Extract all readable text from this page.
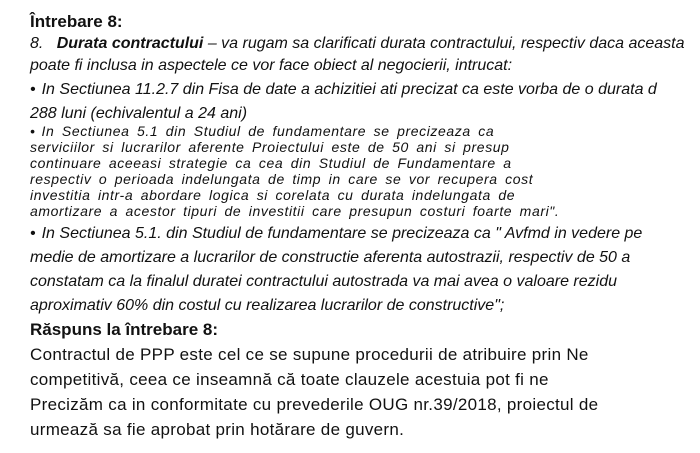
Întrebare 8:
8. Durata contractului – va rugam sa clarificati durata contractului, respectiv daca aceasta
poate fi inclusa in aspectele ce vor face obiect al negocierii, intrucat:
• In Sectiunea 11.2.7 din Fisa de date a achizitiei ati precizat ca este vorba de o durata d
288 luni (echivalentul a 24 ani)
• In Sectiunea 5.1 din Studiul de fundamentare se precizeaza ca
serviciilor si lucrarilor aferente Proiectului este de 50 ani si presup
continuare aceeasi strategie ca cea din Studiul de Fundamentare a
respectiv o perioada indelungata de timp in care se vor recupera cost
investitia intr-a abordare logica si corelata cu durata indelungata de
amortizare a acestor tipuri de investitii care presupun costuri foarte mari".
• In Sectiunea 5.1. din Studiul de fundamentare se precizeaza ca " Avfmd in vedere pe
medie de amortizare a lucrarilor de constructie aferenta autostrazii, respectiv de 50 a
constatam ca la finalul duratei contractului autostrada va mai avea o valoare rezidu
aproximativ 60% din costul cu realizarea lucrarilor de constructive";
Răspuns la întrebare 8:
Contractul de PPP este cel ce se supune procedurii de atribuire prin Ne
competitivă, ceea ce inseamnă că toate clauzele acestuia pot fi ne
Precizăm ca in conformitate cu prevederile OUG nr.39/2018, proiectul de
urmează sa fie aprobat prin hotărare de guvern.
